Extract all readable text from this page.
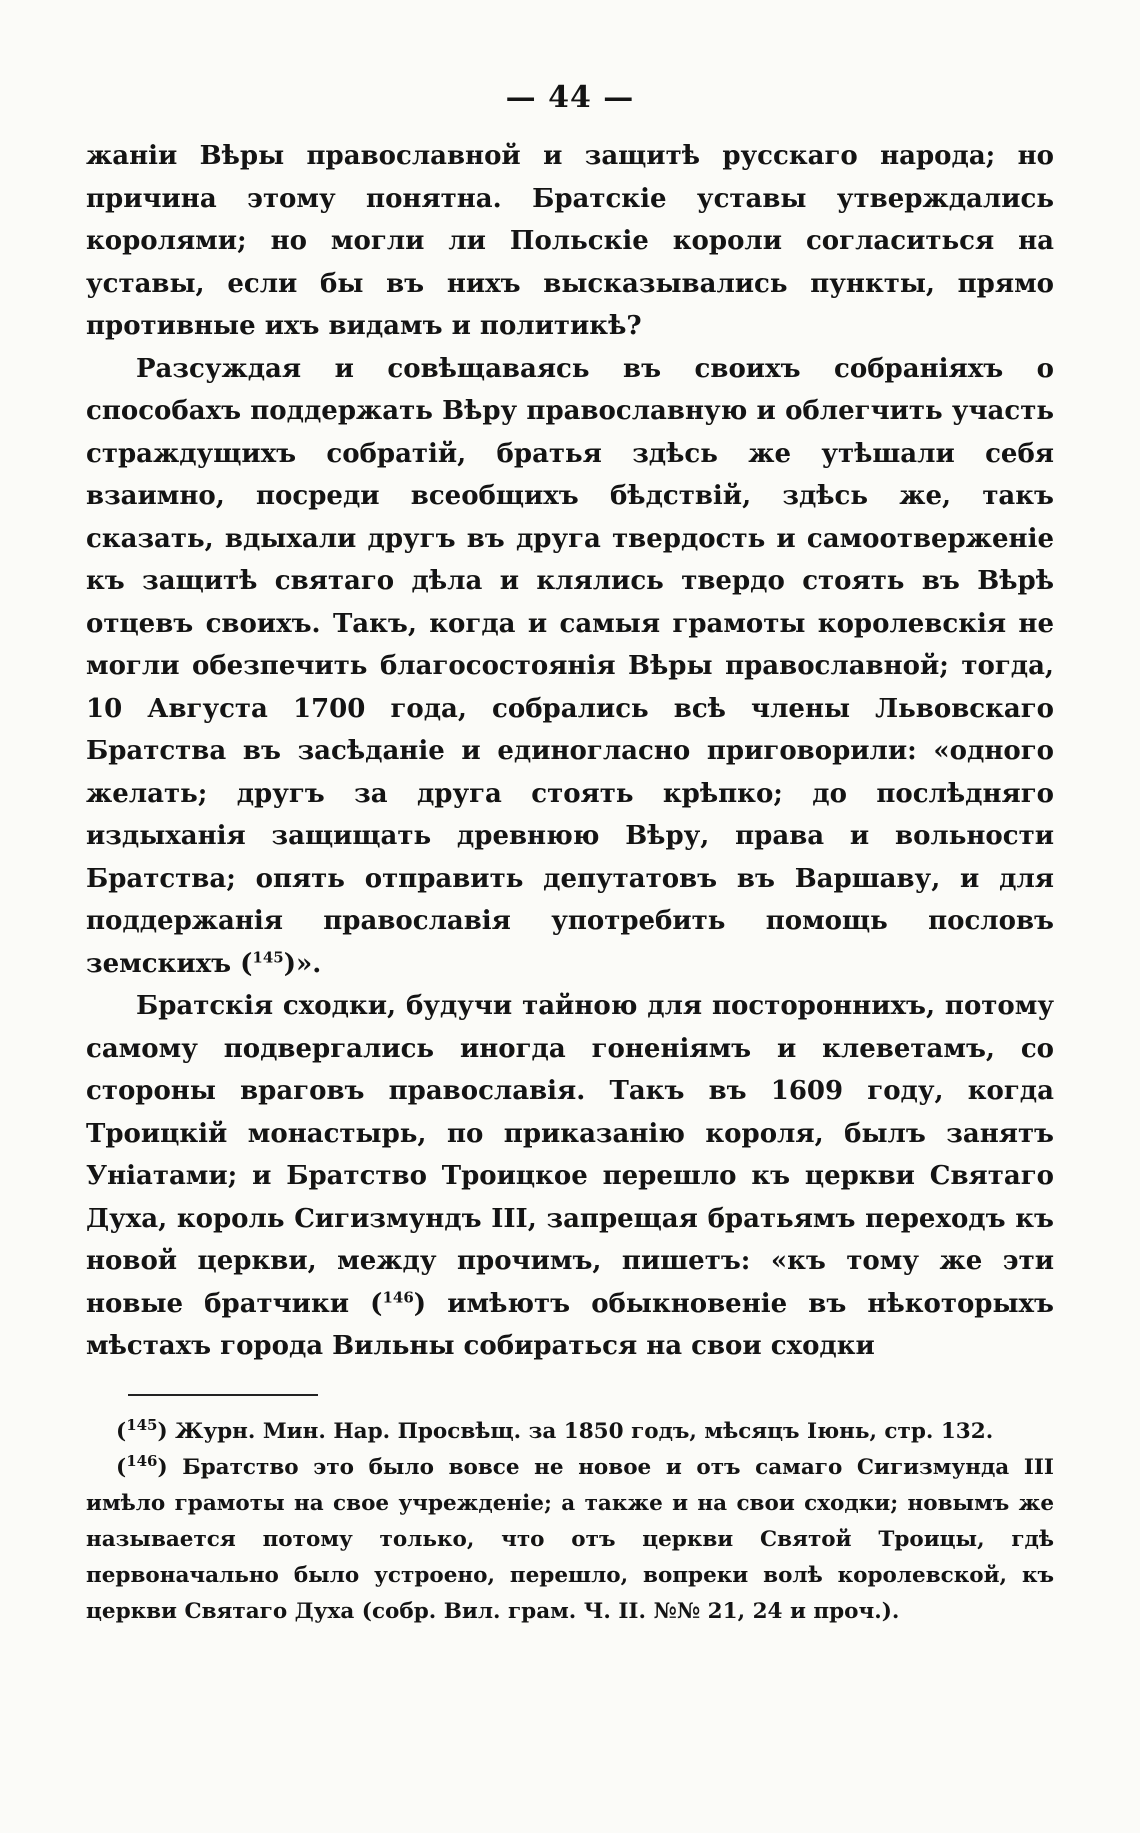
— 44 —

жаніи Вѣры православной и защитѣ русскаго народа; но причина этому понятна. Братскіе уставы утверждались королями; но могли ли Польскіе короли согласиться на уставы, если бы въ нихъ высказывались пункты, прямо противные ихъ видамъ и политикѣ?

Разсуждая и совѣщаваясь въ своихъ собраніяхъ о способахъ поддержать Вѣру православную и облегчить участь страждущихъ собратій, братья здѣсь же утѣшали себя взаимно, посреди всеобщихъ бѣдствій, здѣсь же, такъ сказать, вдыхали другъ въ друга твердость и самоотверженіе къ защитѣ святаго дѣла и клялись твердо стоять въ Вѣрѣ отцевъ своихъ. Такъ, когда и самыя грамоты королевскія не могли обезпечить благосостоянія Вѣры православной; тогда, 10 Августа 1700 года, собрались всѣ члены Львовскаго Братства въ засѣданіе и единогласно приговорили: «одного желать; другъ за друга стоять крѣпко; до послѣдняго издыханія защищать древнюю Вѣру, права и вольности Братства; опять отправить депутатовъ въ Варшаву, и для поддержанія православія употребить помощь пословъ земскихъ ($^{145}$)».

Братскія сходки, будучи тайною для постороннихъ, потому самому подвергались иногда гоненіямъ и клеветамъ, со стороны враговъ православія. Такъ въ 1609 году, когда Троицкій монастырь, по приказанію короля, былъ занятъ Уніатами; и Братство Троицкое перешло къ церкви Святаго Духа, король Сигизмундъ III, запрещая братьямъ переходъ къ новой церкви, между прочимъ, пишетъ: «къ тому же эти новые братчики ($^{146}$) имѣютъ обыкновеніе въ нѣкоторыхъ мѣстахъ города Вильны собираться на свои сходки

($^{145}$) Журн. Мин. Нар. Просвѣщ. за 1850 годъ, мѣсяцъ Іюнь, стр. 132.

($^{146}$) Братство это было вовсе не новое и отъ самаго Сигизмунда III имѣло грамоты на свое учрежденіе; а также и на свои сходки; новымъ же называется потому только, что отъ церкви Святой Троицы, гдѣ первоначально было устроено, перешло, вопреки волѣ королевской, къ церкви Святаго Духа (собр. Вил. грам. Ч. II. №№ 21, 24 и проч.).
